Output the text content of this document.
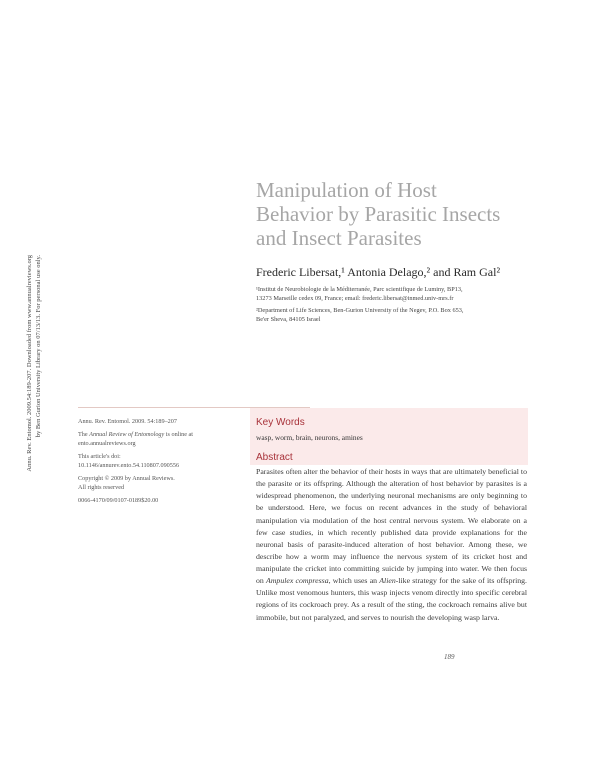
Annu. Rev. Entomol. 2009.54:189-207. Downloaded from www.annualreviews.org by Ben Gurion University Library on 07/13/13. For personal use only.
Manipulation of Host
Behavior by Parasitic Insects
and Insect Parasites
Frederic Libersat,¹ Antonia Delago,² and Ram Gal²
¹Institut de Neurobiologie de la Méditerranée, Parc scientifique de Luminy, BP13,
13273 Marseille cedex 09, France; email: frederic.libersat@inmed.univ-mrs.fr
²Department of Life Sciences, Ben-Gurion University of the Negev, P.O. Box 653,
Be'er Sheva, 84105 Israel

Annu. Rev. Entomol. 2009. 54:189–207

The Annual Review of Entomology is online at ento.annualreviews.org

This article's doi:
10.1146/annurev.ento.54.110807.090556

Copyright © 2009 by Annual Reviews.
All rights reserved

0066-4170/09/0107-0189$20.00

Key Words
wasp, worm, brain, neurons, amines
Abstract

Parasites often alter the behavior of their hosts in ways that are ultimately beneficial to the parasite or its offspring. Although the alteration of host behavior by parasites is a widespread phenomenon, the underlying neuronal mechanisms are only beginning to be understood. Here, we focus on recent advances in the study of behavioral manipulation via modulation of the host central nervous system. We elaborate on a few case studies, in which recently published data provide explanations for the neuronal basis of parasite-induced alteration of host behavior. Among these, we describe how a worm may influence the nervous system of its cricket host and manipulate the cricket into committing suicide by jumping into water. We then focus on Ampulex compressa, which uses an Alien-like strategy for the sake of its offspring. Unlike most venomous hunters, this wasp injects venom directly into specific cerebral regions of its cockroach prey. As a result of the sting, the cockroach remains alive but immobile, but not paralyzed, and serves to nourish the developing wasp larva.

189
